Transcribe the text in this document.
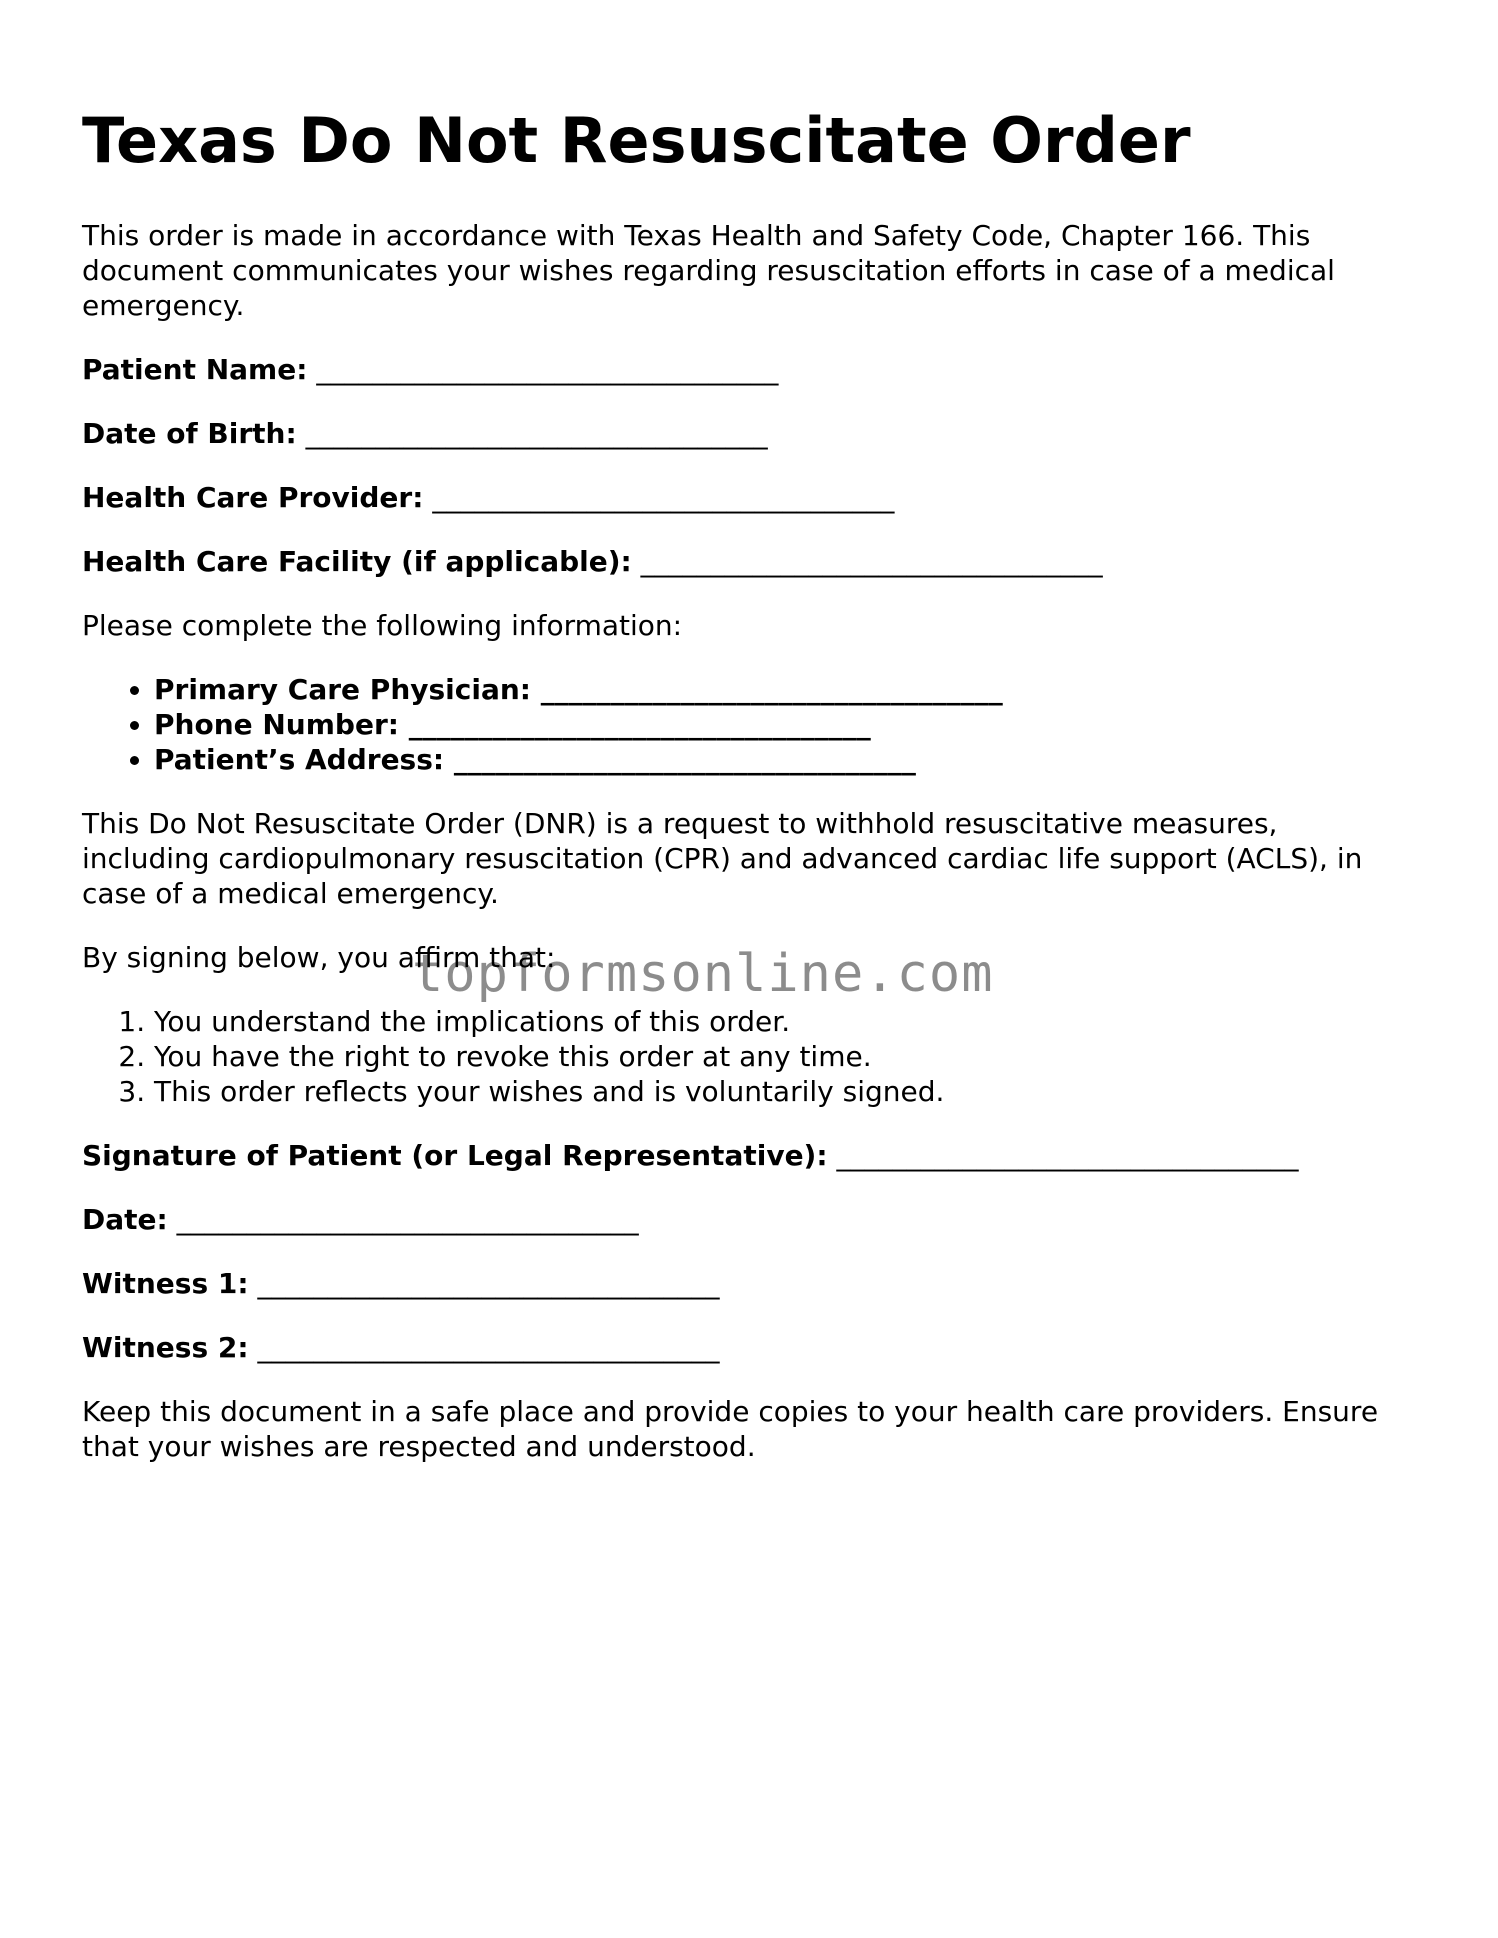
Texas Do Not Resuscitate Order

This order is made in accordance with Texas Health and Safety Code, Chapter 166. This document communicates your wishes regarding resuscitation efforts in case of a medical emergency.

Patient Name: _________________________________
Date of Birth: _________________________________
Health Care Provider: _________________________________
Health Care Facility (if applicable): _________________________________

Please complete the following information:

• Primary Care Physician: _________________________________
• Phone Number: _________________________________
• Patient’s Address: _________________________________

This Do Not Resuscitate Order (DNR) is a request to withhold resuscitative measures, including cardiopulmonary resuscitation (CPR) and advanced cardiac life support (ACLS), in case of a medical emergency.

By signing below, you affirm that:

1. You understand the implications of this order.
2. You have the right to revoke this order at any time.
3. This order reflects your wishes and is voluntarily signed.
Signature of Patient (or Legal Representative): _________________________________
Date: _________________________________
Witness 1: _________________________________
Witness 2: _________________________________

Keep this document in a safe place and provide copies to your health care providers. Ensure that your wishes are respected and understood.

topformsonline.com
